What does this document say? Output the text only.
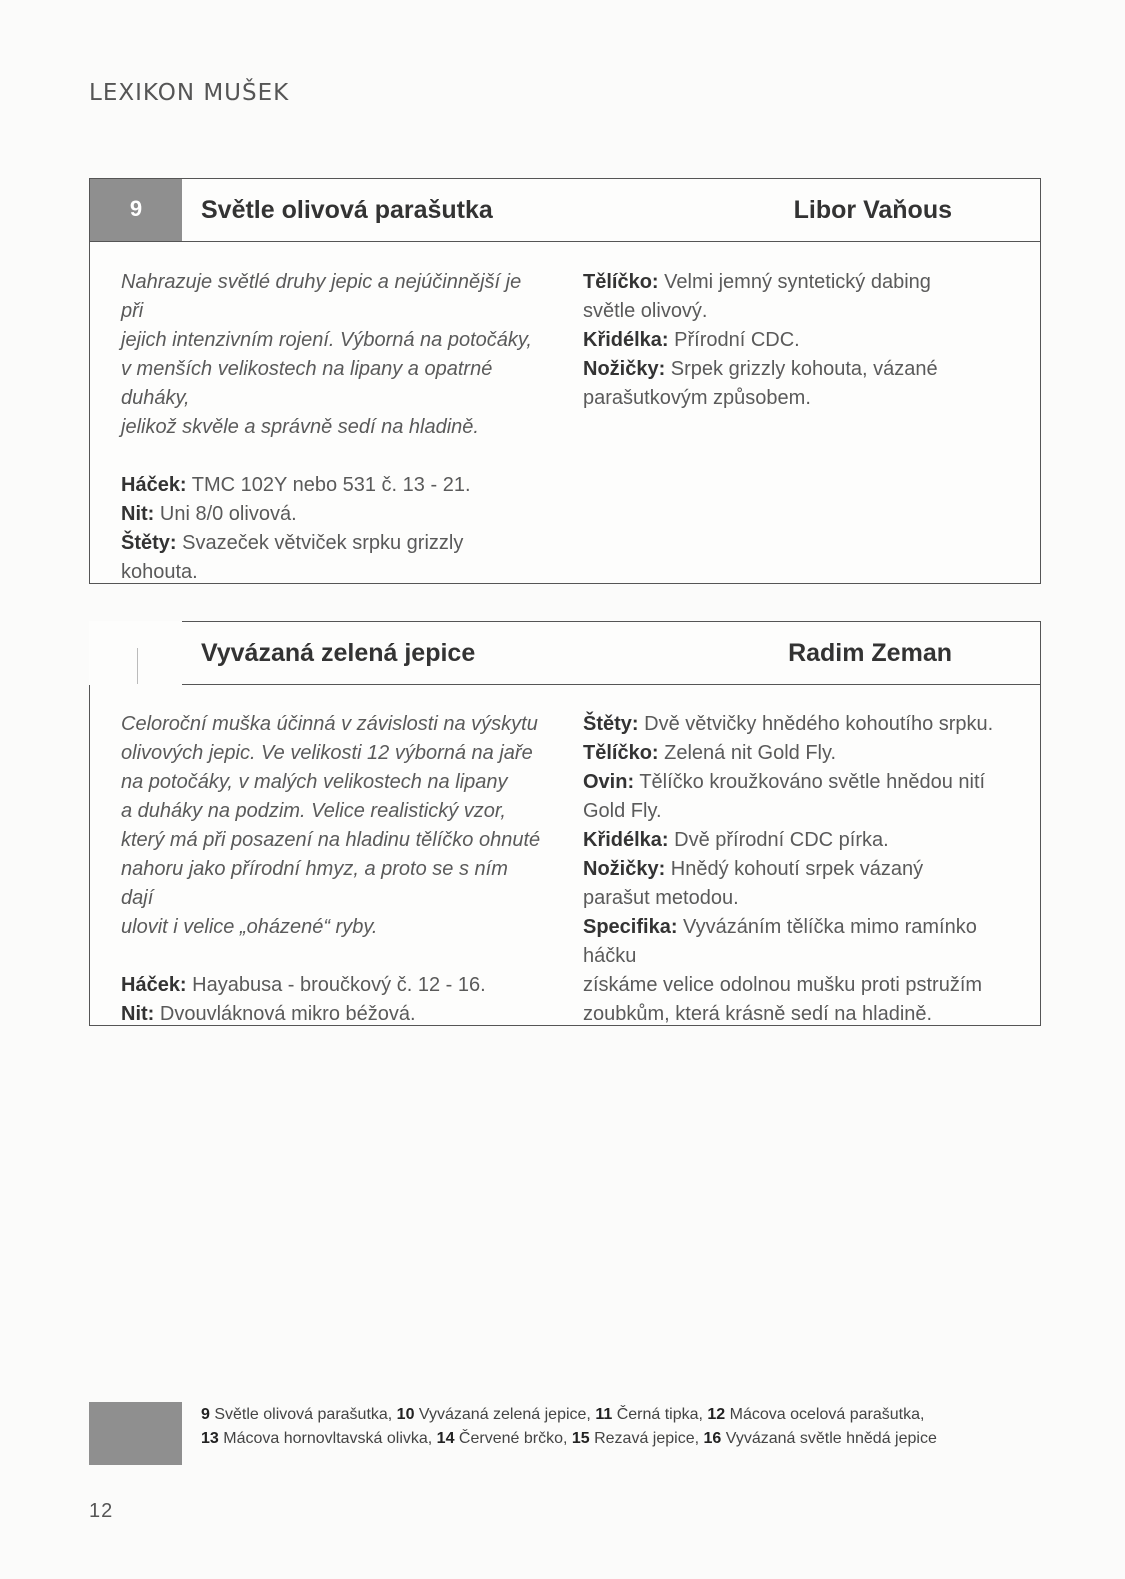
LEXIKON MUŠEK
9	Světle olivová parašutka	Libor Vaňous
Nahrazuje světlé druhy jepic a nejúčinnější je při
jejich intenzivním rojení. Výborná na potočáky,
v menších velikostech na lipany a opatrné duháky,
jelikož skvěle a správně sedí na hladině.
Háček: TMC 102Y nebo 531 č. 13 - 21.
Nit: Uni 8/0 olivová.
Štěty: Svazeček větviček srpku grizzly kohouta.
Tělíčko: Velmi jemný syntetický dabing
světle olivový.
Křidélka: Přírodní CDC.
Nožičky: Srpek grizzly kohouta, vázané
parašutkovým způsobem.
Vyvázaná zelená jepice	Radim Zeman
Celoroční muška účinná v závislosti na výskytu
olivových jepic. Ve velikosti 12 výborná na jaře
na potočáky, v malých velikostech na lipany
a duháky na podzim. Velice realistický vzor,
který má při posazení na hladinu tělíčko ohnuté
nahoru jako přírodní hmyz, a proto se s ním dají
ulovit i velice „oházené“ ryby.
Háček: Hayabusa - broučkový č. 12 - 16.
Nit: Dvouvláknová mikro béžová.
Štěty: Dvě větvičky hnědého kohoutího srpku.
Tělíčko: Zelená nit Gold Fly.
Ovin: Tělíčko kroužkováno světle hnědou nití
Gold Fly.
Křidélka: Dvě přírodní CDC pírka.
Nožičky: Hnědý kohoutí srpek vázaný
parašut metodou.
Specifika: Vyvázáním tělíčka mimo ramínko háčku
získáme velice odolnou mušku proti pstružím
zoubkům, která krásně sedí na hladině.
9 Světle olivová parašutka, 10 Vyvázaná zelená jepice, 11 Černá tipka, 12 Mácova ocelová parašutka,
13 Mácova hornovltavská olivka, 14 Červené brčko, 15 Rezavá jepice, 16 Vyvázaná světle hnědá jepice
12
